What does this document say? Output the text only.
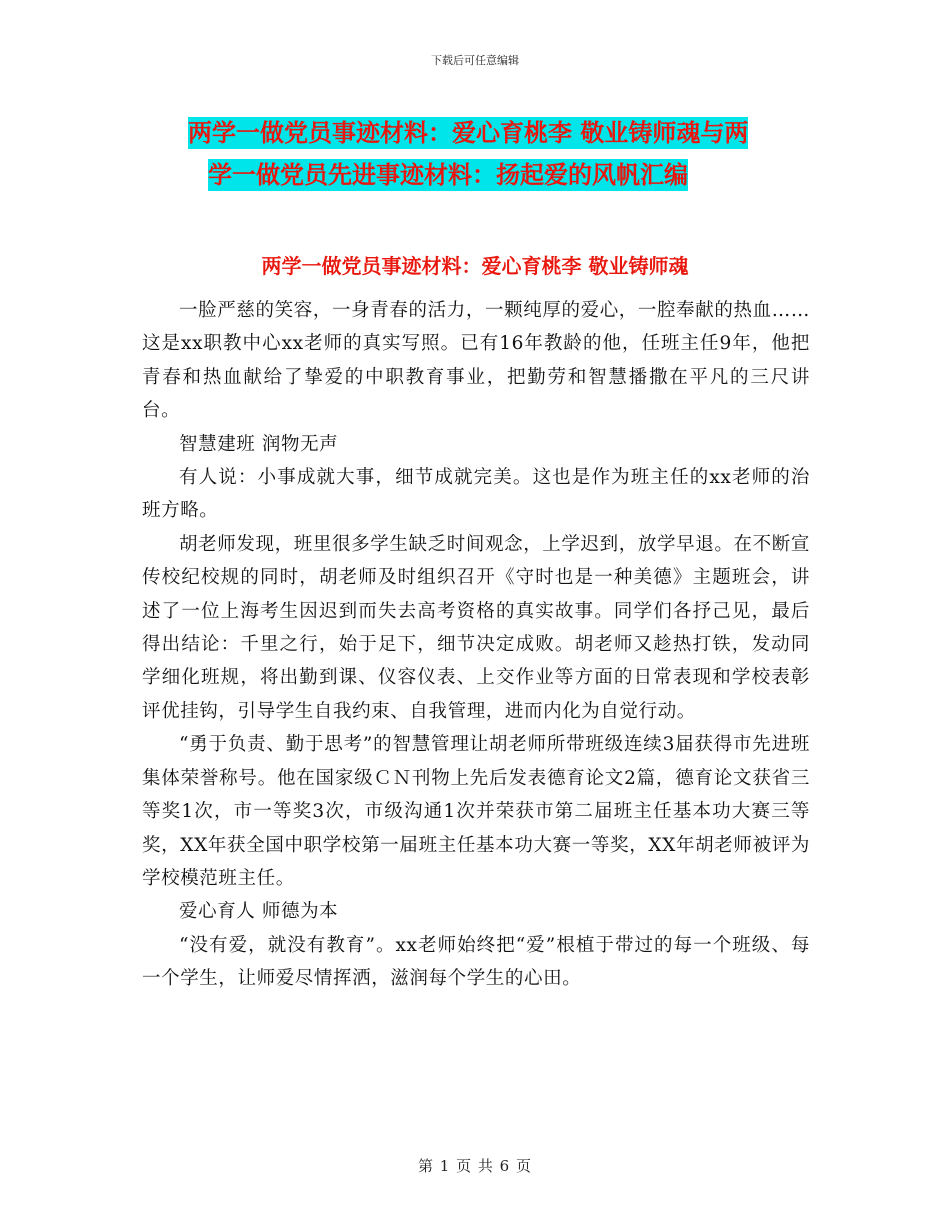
下载后可任意编辑
两学一做党员事迹材料：爱心育桃李 敬业铸师魂与两
学一做党员先进事迹材料：扬起爱的风帆汇编
两学一做党员事迹材料：爱心育桃李 敬业铸师魂

一脸严慈的笑容，一身青春的活力，一颗纯厚的爱心，一腔奉献的热血……这是xx职教中心xx老师的真实写照。已有16年教龄的他，任班主任9年，他把青春和热血献给了挚爱的中职教育事业，把勤劳和智慧播撒在平凡的三尺讲台。

智慧建班 润物无声

有人说：小事成就大事，细节成就完美。这也是作为班主任的xx老师的治班方略。

胡老师发现，班里很多学生缺乏时间观念，上学迟到，放学早退。在不断宣传校纪校规的同时，胡老师及时组织召开《守时也是一种美德》主题班会，讲述了一位上海考生因迟到而失去高考资格的真实故事。同学们各抒己见，最后得出结论：千里之行，始于足下，细节决定成败。胡老师又趁热打铁，发动同学细化班规，将出勤到课、仪容仪表、上交作业等方面的日常表现和学校表彰评优挂钩，引导学生自我约束、自我管理，进而内化为自觉行动。

“勇于负责、勤于思考”的智慧管理让胡老师所带班级连续3届获得市先进班集体荣誉称号。他在国家级ＣＮ刊物上先后发表德育论文2篇，德育论文获省三等奖1次，市一等奖3次，市级沟通1次并荣获市第二届班主任基本功大赛三等奖，XX年获全国中职学校第一届班主任基本功大赛一等奖，XX年胡老师被评为学校模范班主任。

爱心育人 师德为本

“没有爱，就没有教育”。xx老师始终把“爱”根植于带过的每一个班级、每一个学生，让师爱尽情挥洒，滋润每个学生的心田。

第 1 页 共 6 页
